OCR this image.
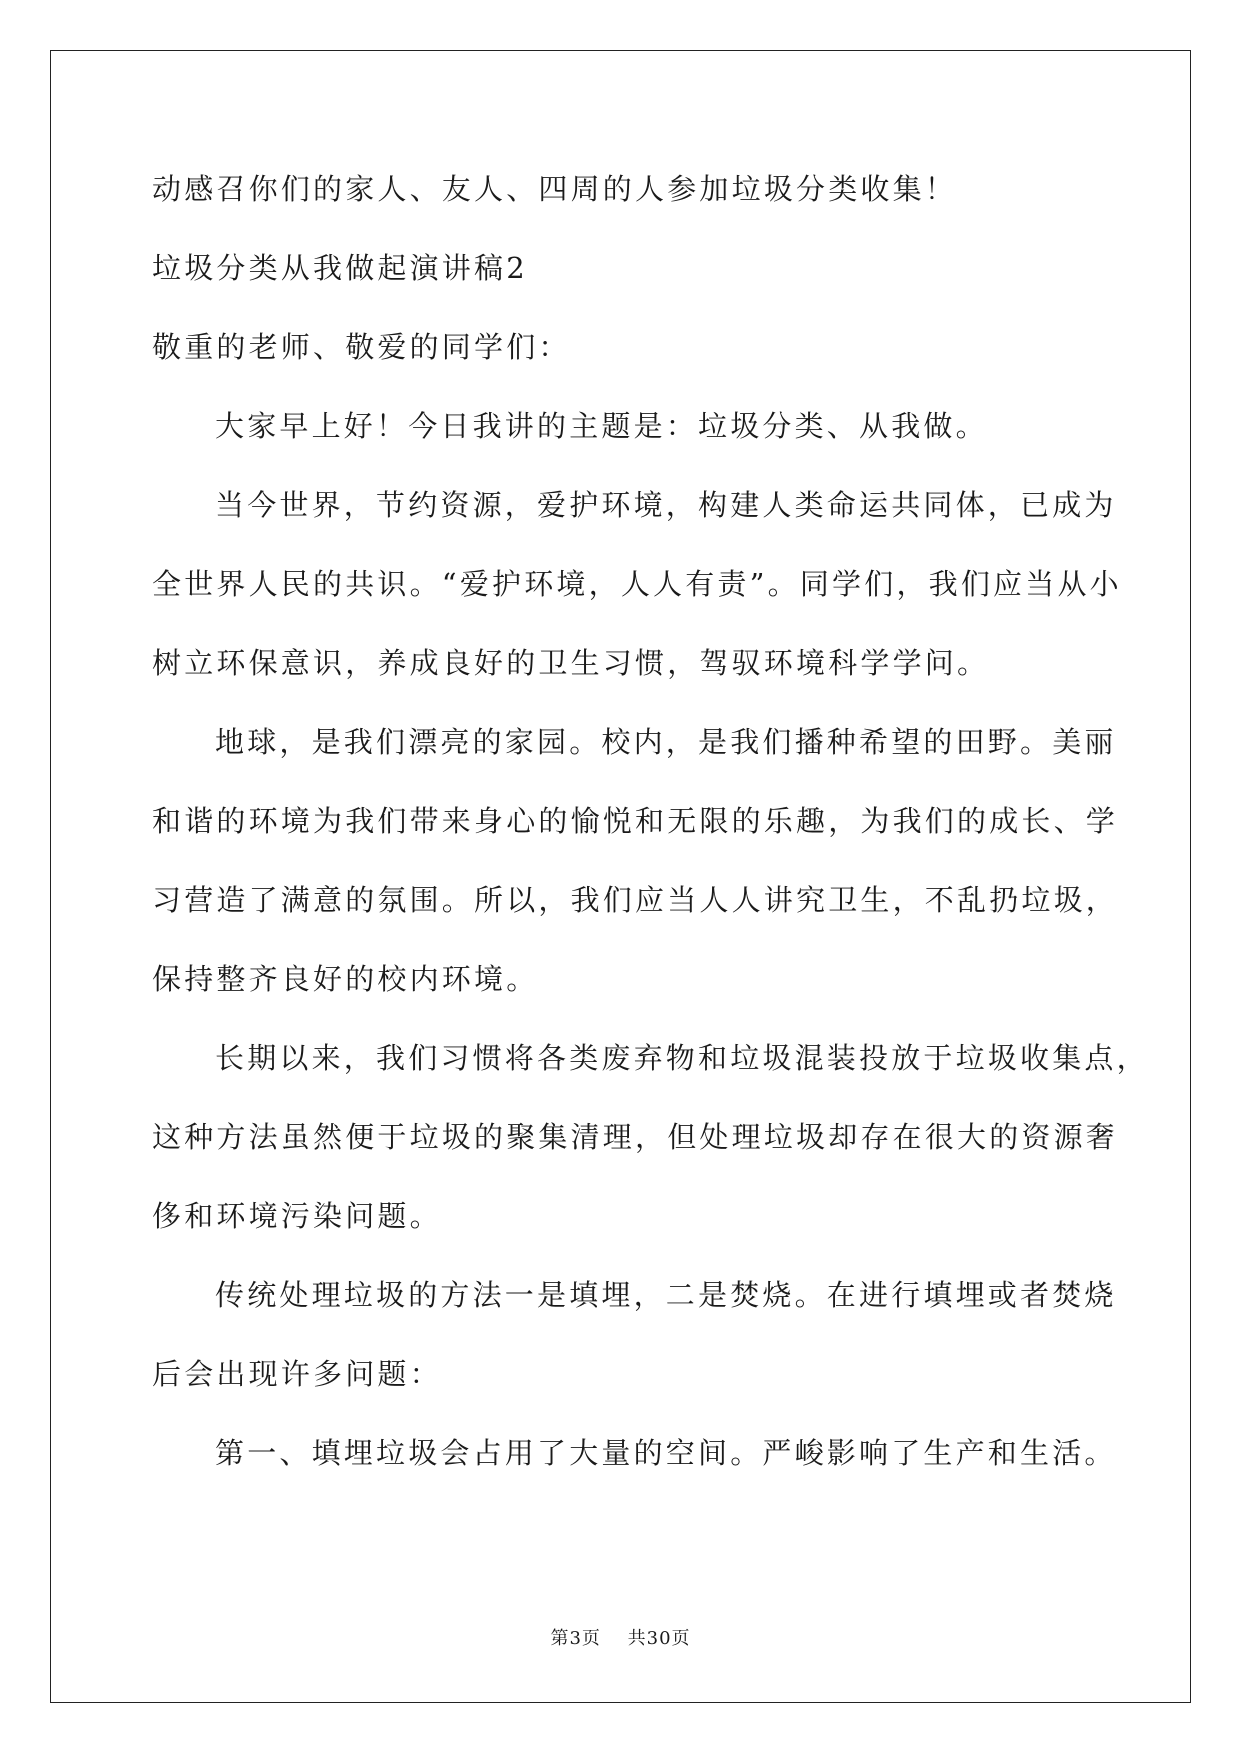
动感召你们的家人、友人、四周的人参加垃圾分类收集！
垃圾分类从我做起演讲稿2
敬重的老师、敬爱的同学们：
大家早上好！今日我讲的主题是：垃圾分类、从我做。
当今世界，节约资源，爱护环境，构建人类命运共同体，已成为
全世界人民的共识。“爱护环境，人人有责”。同学们，我们应当从小
树立环保意识，养成良好的卫生习惯，驾驭环境科学学问。
地球，是我们漂亮的家园。校内，是我们播种希望的田野。美丽
和谐的环境为我们带来身心的愉悦和无限的乐趣，为我们的成长、学
习营造了满意的氛围。所以，我们应当人人讲究卫生，不乱扔垃圾，
保持整齐良好的校内环境。
长期以来，我们习惯将各类废弃物和垃圾混装投放于垃圾收集点，
这种方法虽然便于垃圾的聚集清理，但处理垃圾却存在很大的资源奢
侈和环境污染问题。
传统处理垃圾的方法一是填埋，二是焚烧。在进行填埋或者焚烧
后会出现许多问题：
第一、填埋垃圾会占用了大量的空间。严峻影响了生产和生活。
第3页 共30页
